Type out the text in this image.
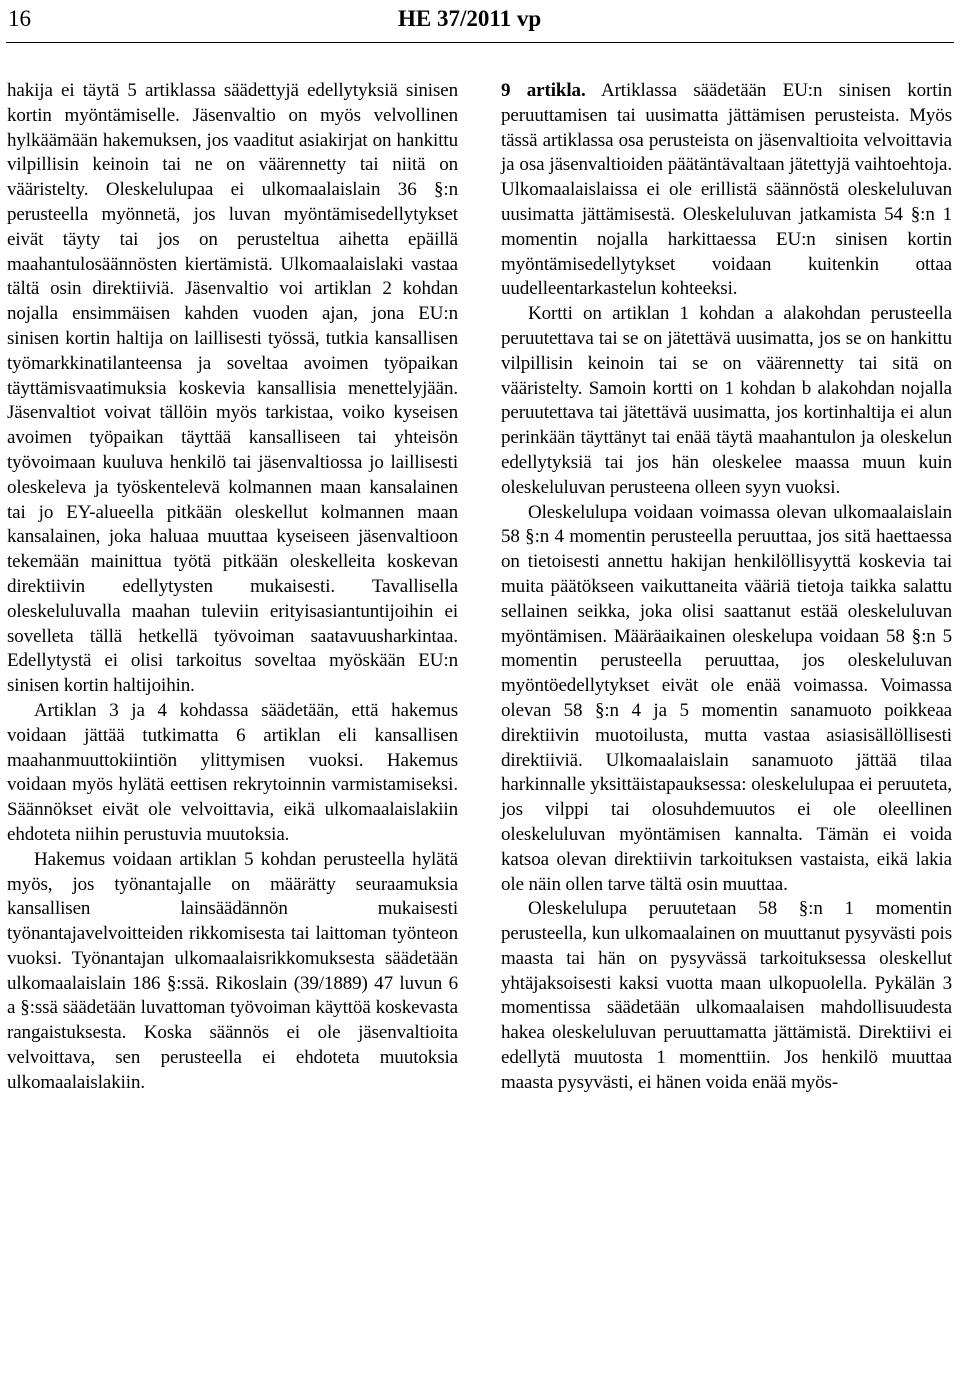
16	HE 37/2011 vp

hakija ei täytä 5 artiklassa säädettyjä edellytyksiä sinisen kortin myöntämiselle. Jäsenvaltio on myös velvollinen hylkäämään hakemuksen, jos vaaditut asiakirjat on hankittu vilpillisin keinoin tai ne on väärennetty tai niitä on vääristelty. Oleskelulupaa ei ulkomaalaislain 36 §:n perusteella myönnetä, jos luvan myöntämisedellytykset eivät täyty tai jos on perusteltua aihetta epäillä maahantulosäännösten kiertämistä. Ulkomaalaislaki vastaa tältä osin direktiiviä. Jäsenvaltio voi artiklan 2 kohdan nojalla ensimmäisen kahden vuoden ajan, jona EU:n sinisen kortin haltija on laillisesti työssä, tutkia kansallisen työmarkkinatilanteensa ja soveltaa avoimen työpaikan täyttämisvaatimuksia koskevia kansallisia menettelyjään. Jäsenvaltiot voivat tällöin myös tarkistaa, voiko kyseisen avoimen työpaikan täyttää kansalliseen tai yhteisön työvoimaan kuuluva henkilö tai jäsenvaltiossa jo laillisesti oleskeleva ja työskentelevä kolmannen maan kansalainen tai jo EY-alueella pitkään oleskellut kolmannen maan kansalainen, joka haluaa muuttaa kyseiseen jäsenvaltioon tekemään mainittua työtä pitkään oleskelleita koskevan direktiivin edellytysten mukaisesti. Tavallisella oleskeluluvalla maahan tuleviin erityisasiantuntijoihin ei sovelleta tällä hetkellä työvoiman saatavuusharkintaa. Edellytystä ei olisi tarkoitus soveltaa myöskään EU:n sinisen kortin haltijoihin.

Artiklan 3 ja 4 kohdassa säädetään, että hakemus voidaan jättää tutkimatta 6 artiklan eli kansallisen maahanmuuttokiintiön ylittymisen vuoksi. Hakemus voidaan myös hylätä eettisen rekrytoinnin varmistamiseksi. Säännökset eivät ole velvoittavia, eikä ulkomaalaislakiin ehdoteta niihin perustuvia muutoksia.

Hakemus voidaan artiklan 5 kohdan perusteella hylätä myös, jos työnantajalle on määrätty seuraamuksia kansallisen lainsäädännön mukaisesti työnantajavelvoitteiden rikkomisesta tai laittoman työnteon vuoksi. Työnantajan ulkomaalaisrikkomuksesta säädetään ulkomaalaislain 186 §:ssä. Rikoslain (39/1889) 47 luvun 6 a §:ssä säädetään luvattoman työvoiman käyttöä koskevasta rangaistuksesta. Koska säännös ei ole jäsenvaltioita velvoittava, sen perusteella ei ehdoteta muutoksia ulkomaalaislakiin.

9 artikla. Artiklassa säädetään EU:n sinisen kortin peruuttamisen tai uusimatta jättämisen perusteista. Myös tässä artiklassa osa perusteista on jäsenvaltioita velvoittavia ja osa jäsenvaltioiden päätäntävaltaan jätettyjä vaihtoehtoja. Ulkomaalaislaissa ei ole erillistä säännöstä oleskeluluvan uusimatta jättämisestä. Oleskeluluvan jatkamista 54 §:n 1 momentin nojalla harkittaessa EU:n sinisen kortin myöntämisedellytykset voidaan kuitenkin ottaa uudelleentarkastelun kohteeksi.

Kortti on artiklan 1 kohdan a alakohdan perusteella peruutettava tai se on jätettävä uusimatta, jos se on hankittu vilpillisin keinoin tai se on väärennetty tai sitä on vääristelty. Samoin kortti on 1 kohdan b alakohdan nojalla peruutettava tai jätettävä uusimatta, jos kortinhaltija ei alun perinkään täyttänyt tai enää täytä maahantulon ja oleskelun edellytyksiä tai jos hän oleskelee maassa muun kuin oleskeluluvan perusteena olleen syyn vuoksi.

Oleskelulupa voidaan voimassa olevan ulkomaalaislain 58 §:n 4 momentin perusteella peruuttaa, jos sitä haettaessa on tietoisesti annettu hakijan henkilöllisyyttä koskevia tai muita päätökseen vaikuttaneita vääriä tietoja taikka salattu sellainen seikka, joka olisi saattanut estää oleskeluluvan myöntämisen. Määräaikainen oleskelupa voidaan 58 §:n 5 momentin perusteella peruuttaa, jos oleskeluluvan myöntöedellytykset eivät ole enää voimassa. Voimassa olevan 58 §:n 4 ja 5 momentin sanamuoto poikkeaa direktiivin muotoilusta, mutta vastaa asiasisällöllisesti direktiiviä. Ulkomaalaislain sanamuoto jättää tilaa harkinnalle yksittäistapauksessa: oleskelulupaa ei peruuteta, jos vilppi tai olosuhdemuutos ei ole oleellinen oleskeluluvan myöntämisen kannalta. Tämän ei voida katsoa olevan direktiivin tarkoituksen vastaista, eikä lakia ole näin ollen tarve tältä osin muuttaa.

Oleskelulupa peruutetaan 58 §:n 1 momentin perusteella, kun ulkomaalainen on muuttanut pysyvästi pois maasta tai hän on pysyvässä tarkoituksessa oleskellut yhtäjaksoisesti kaksi vuotta maan ulkopuolella. Pykälän 3 momentissa säädetään ulkomaalaisen mahdollisuudesta hakea oleskeluluvan peruuttamatta jättämistä. Direktiivi ei edellytä muutosta 1 momenttiin. Jos henkilö muuttaa maasta pysyvästi, ei hänen voida enää myös-
